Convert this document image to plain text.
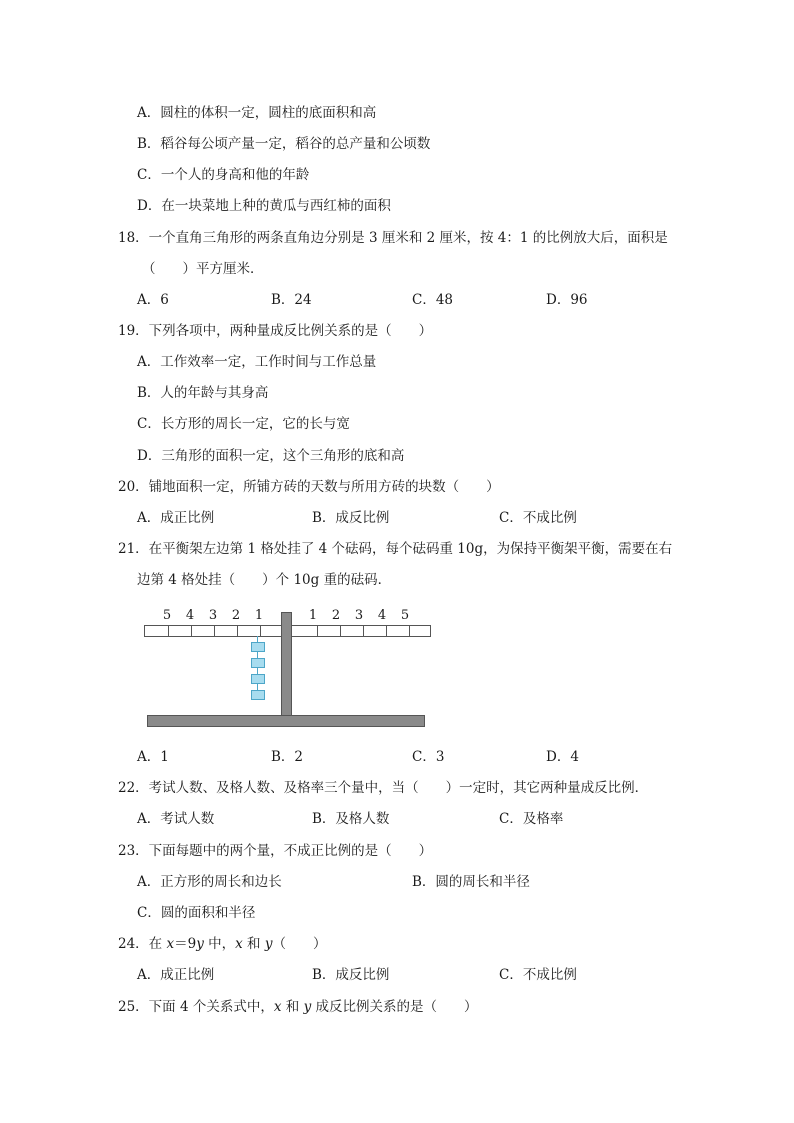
A．圆柱的体积一定，圆柱的底面积和高
B．稻谷每公顷产量一定，稻谷的总产量和公顷数
C．一个人的身高和他的年龄
D．在一块菜地上种的黄瓜与西红柿的面积
18．一个直角三角形的两条直角边分别是 3 厘米和 2 厘米，按 4：1 的比例放大后，面积是
（　　）平方厘米．
A．6	B．24	C．48	D．96
19．下列各项中，两种量成反比例关系的是（　　）
A．工作效率一定，工作时间与工作总量
B．人的年龄与其身高
C．长方形的周长一定，它的长与宽
D．三角形的面积一定，这个三角形的底和高
20．铺地面积一定，所铺方砖的天数与所用方砖的块数（　　）
A．成正比例	B．成反比例	C．不成比例
21．在平衡架左边第 1 格处挂了 4 个砝码，每个砝码重 10g，为保持平衡架平衡，需要在右
边第 4 格处挂（　　）个 10g 重的砝码．
5 4 3 2 1	1 2 3 4 5
A．1	B．2	C．3	D．4
22．考试人数、及格人数、及格率三个量中，当（　　）一定时，其它两种量成反比例．
A．考试人数	B．及格人数	C．及格率
23．下面每题中的两个量，不成正比例的是（　　）
A．正方形的周长和边长	B．圆的周长和半径
C．圆的面积和半径
24．在 x＝9y 中，x 和 y（　　）
A．成正比例	B．成反比例	C．不成比例
25．下面 4 个关系式中，x 和 y 成反比例关系的是（　　）
